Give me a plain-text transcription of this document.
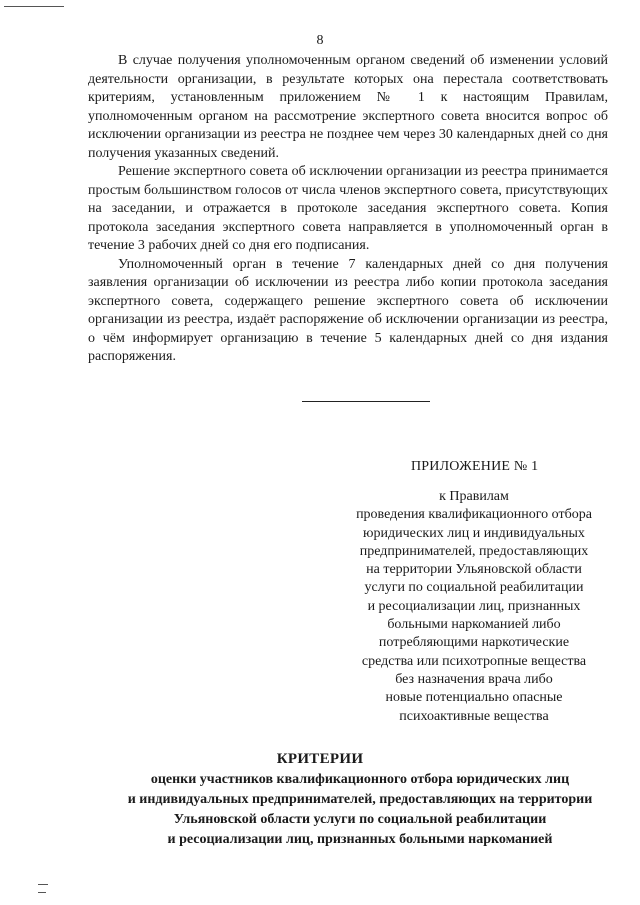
8

В случае получения уполномоченным органом сведений об изменении условий деятельности организации, в результате которых она перестала соответствовать критериям, установленным приложением № 1 к настоящим Правилам, уполномоченным органом на рассмотрение экспертного совета вносится вопрос об исключении организации из реестра не позднее чем через 30 календарных дней со дня получения указанных сведений.

Решение экспертного совета об исключении организации из реестра принимается простым большинством голосов от числа членов экспертного совета, присутствующих на заседании, и отражается в протоколе заседания экспертного совета. Копия протокола заседания экспертного совета направляется в уполномоченный орган в течение 3 рабочих дней со дня его подписания.

Уполномоченный орган в течение 7 календарных дней со дня получения заявления организации об исключении из реестра либо копии протокола заседания экспертного совета, содержащего решение экспертного совета об исключении организации из реестра, издаёт распоряжение об исключении организации из реестра, о чём информирует организацию в течение 5 календарных дней со дня издания распоряжения.

ПРИЛОЖЕНИЕ № 1
к Правилам
проведения квалификационного отбора
юридических лиц и индивидуальных
предпринимателей, предоставляющих
на территории Ульяновской области
услуги по социальной реабилитации
и ресоциализации лиц, признанных
больными наркоманией либо
потребляющими наркотические
средства или психотропные вещества
без назначения врача либо
новые потенциально опасные
психоактивные вещества
КРИТЕРИИ
оценки участников квалификационного отбора юридических лиц
и индивидуальных предпринимателей, предоставляющих на территории
Ульяновской области услуги по социальной реабилитации
и ресоциализации лиц, признанных больными наркоманией
